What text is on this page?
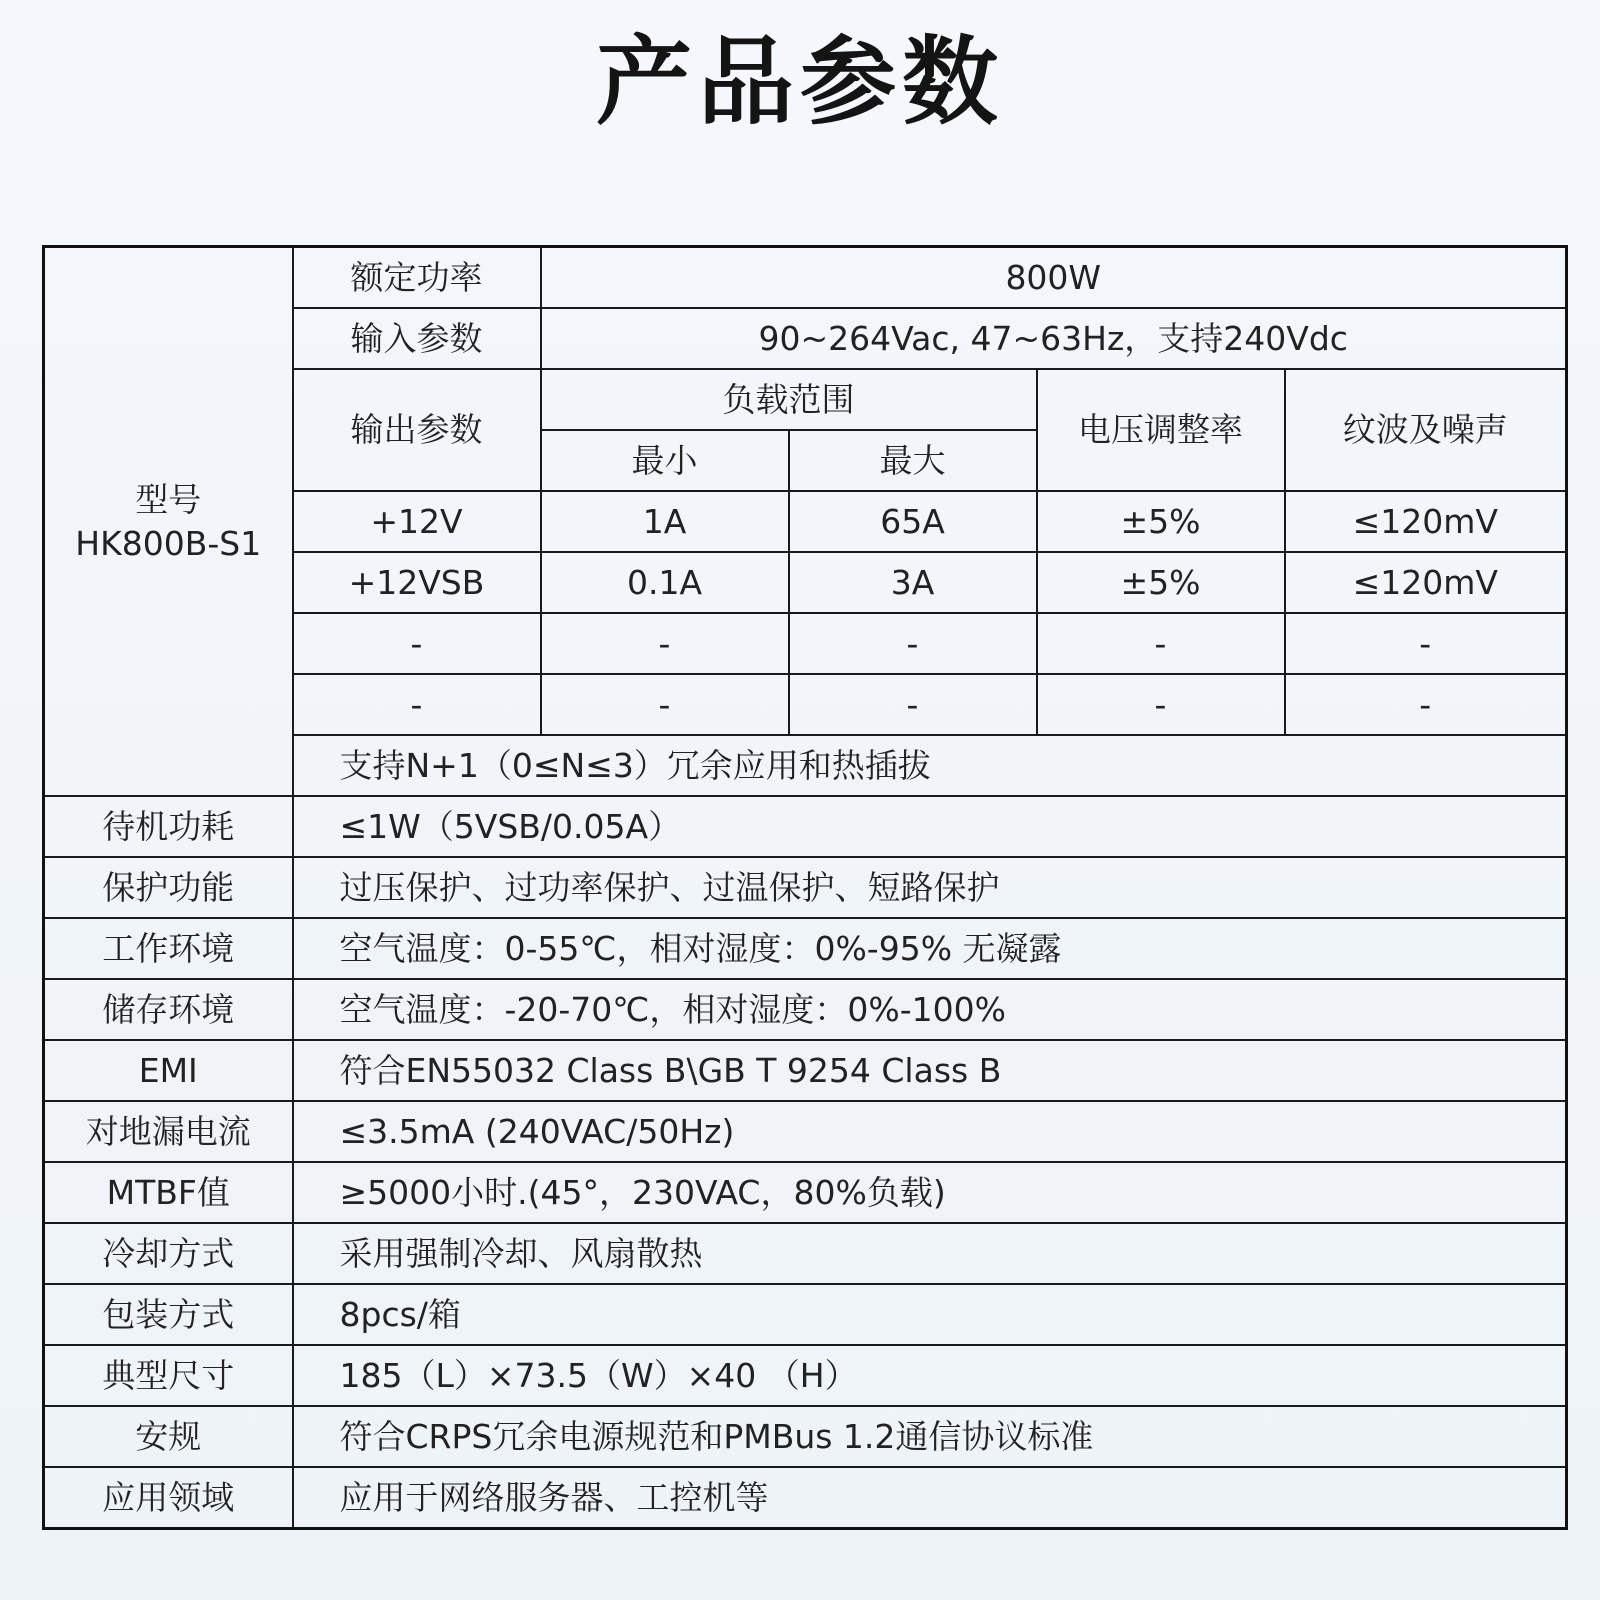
产品参数
型号
HK800B-S1	额定功率	800W			
	输入参数	90~264Vac, 47~63Hz，支持240Vdc			
	输出参数	负载范围		电压调整率	纹波及噪声
		最小	最大		
	+12V	1A	65A	±5%	≤120mV
	+12VSB	0.1A	3A	±5%	≤120mV
	-	-	-	-	-
	-	-	-	-	-
	支持N+1（0≤N≤3）冗余应用和热插拔				
待机功耗	≤1W（5VSB/0.05A）				
保护功能	过压保护、过功率保护、过温保护、短路保护				
工作环境	空气温度：0-55℃，相对湿度：0%-95% 无凝露				
储存环境	空气温度：-20-70℃，相对湿度：0%-100%				
EMI	符合EN55032 Class B\GB T 9254 Class B				
对地漏电流	≤3.5mA (240VAC/50Hz)				
MTBF值	≥5000小时.(45°，230VAC，80%负载)				
冷却方式	采用强制冷却、风扇散热				
包装方式	8pcs/箱				
典型尺寸	185（L）×73.5（W）×40 （H）				
安规	符合CRPS冗余电源规范和PMBus 1.2通信协议标准				
应用领域	应用于网络服务器、工控机等				
